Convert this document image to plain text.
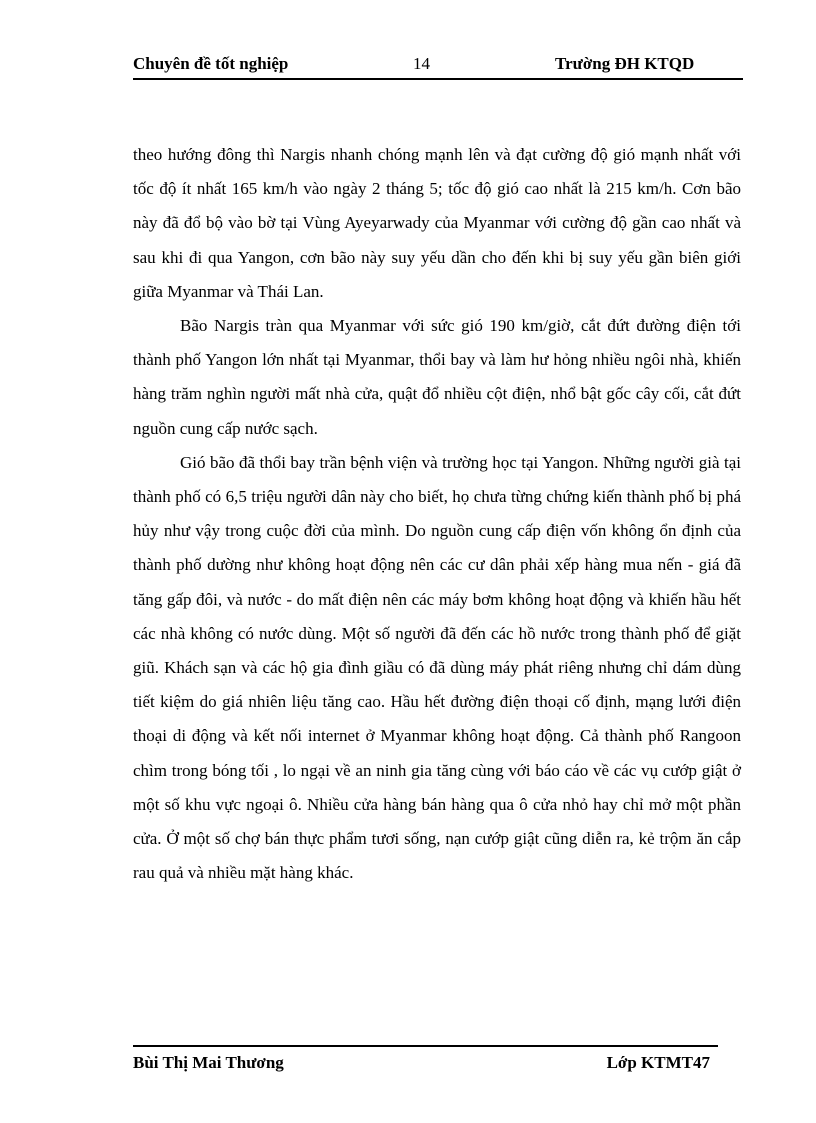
Chuyên đề tốt nghiệp	14	Trường ĐH KTQD

theo hướng đông thì Nargis nhanh chóng mạnh lên và đạt cường độ gió mạnh nhất với tốc độ ít nhất 165 km/h vào ngày 2 tháng 5; tốc độ gió cao nhất là 215 km/h. Cơn bão này đã đổ bộ vào bờ tại Vùng Ayeyarwady của Myanmar với cường độ gần cao nhất và sau khi đi qua Yangon, cơn bão này suy yếu dần cho đến khi bị suy yếu gần biên giới giữa Myanmar và Thái Lan.

Bão Nargis tràn qua Myanmar với sức gió 190 km/giờ, cắt đứt đường điện tới thành phố Yangon lớn nhất tại Myanmar, thổi bay và làm hư hỏng nhiều ngôi nhà, khiến hàng trăm nghìn người mất nhà cửa, quật đổ nhiều cột điện, nhổ bật gốc cây cối, cắt đứt nguồn cung cấp nước sạch.

Gió bão đã thổi bay trần bệnh viện và trường học tại Yangon. Những người già tại thành phố có 6,5 triệu người dân này cho biết, họ chưa từng chứng kiến thành phố bị phá hủy như vậy trong cuộc đời của mình. Do nguồn cung cấp điện vốn không ổn định của thành phố dường như không hoạt động nên các cư dân phải xếp hàng mua nến - giá đã tăng gấp đôi, và nước - do mất điện nên các máy bơm không hoạt động và khiến hầu hết các nhà không có nước dùng. Một số người đã đến các hồ nước trong thành phố để giặt giũ. Khách sạn và các hộ gia đình giầu có đã dùng máy phát riêng nhưng chỉ dám dùng tiết kiệm do giá nhiên liệu tăng cao. Hầu hết đường điện thoại cố định, mạng lưới điện thoại di động và kết nối internet ở Myanmar không hoạt động. Cả thành phố Rangoon chìm trong bóng tối , lo ngại về an ninh gia tăng cùng với báo cáo về các vụ cướp giật ở một số khu vực ngoại ô. Nhiều cửa hàng bán hàng qua ô cửa nhỏ hay chỉ mở một phần cửa. Ở một số chợ bán thực phẩm tươi sống, nạn cướp giật cũng diễn ra, kẻ trộm ăn cắp rau quả và nhiều mặt hàng khác.

Bùi Thị Mai Thương	Lớp KTMT47
